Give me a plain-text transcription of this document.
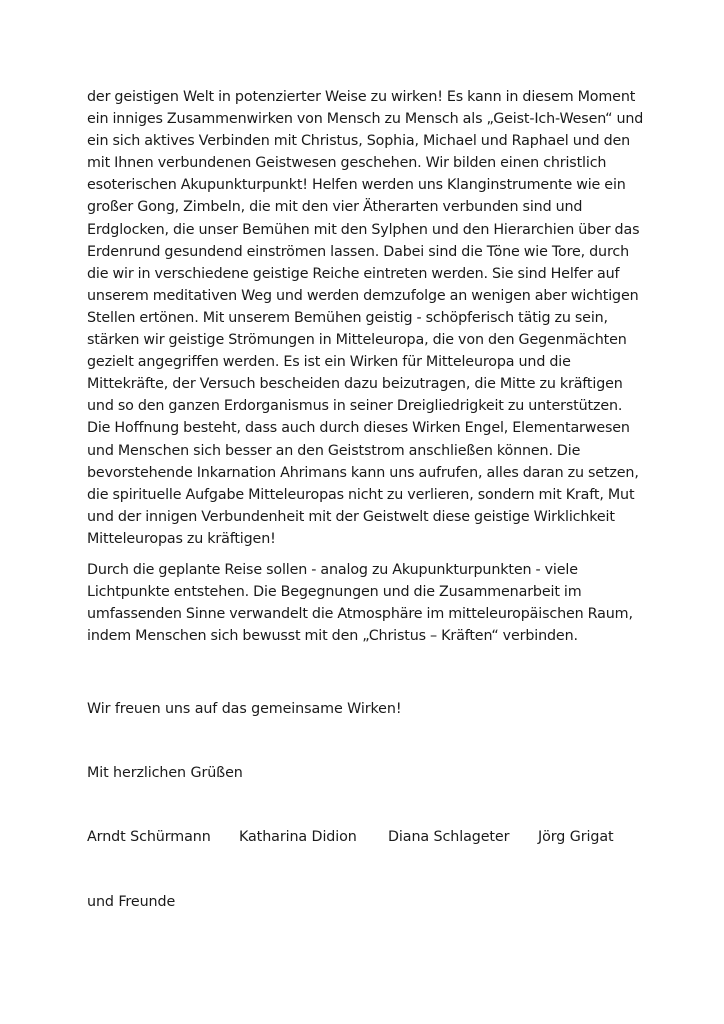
der geistigen Welt in potenzierter Weise zu wirken! Es kann in diesem Moment ein inniges Zusammenwirken von Mensch zu Mensch als „Geist-Ich-Wesen“ und ein sich aktives Verbinden mit Christus, Sophia, Michael und Raphael und den mit Ihnen verbundenen Geistwesen geschehen. Wir bilden einen christlich esoterischen Akupunkturpunkt! Helfen werden uns Klanginstrumente wie ein großer Gong, Zimbeln, die mit den vier Ätherarten verbunden sind und Erdglocken, die unser Bemühen mit den Sylphen und den Hierarchien über das Erdenrund gesundend einströmen lassen. Dabei sind die Töne wie Tore, durch die wir in verschiedene geistige Reiche eintreten werden. Sie sind Helfer auf unserem meditativen Weg und werden demzufolge an wenigen aber wichtigen Stellen ertönen. Mit unserem Bemühen geistig - schöpferisch tätig zu sein, stärken wir geistige Strömungen in Mitteleuropa, die von den Gegenmächten gezielt angegriffen werden. Es ist ein Wirken für Mitteleuropa und die Mittekräfte, der Versuch bescheiden dazu beizutragen, die Mitte zu kräftigen und so den ganzen Erdorganismus in seiner Dreigliedrigkeit zu unterstützen. Die Hoffnung besteht, dass auch durch dieses Wirken Engel, Elementarwesen und Menschen sich besser an den Geiststrom anschließen können. Die bevorstehende Inkarnation Ahrimans kann uns aufrufen, alles daran zu setzen, die spirituelle Aufgabe Mitteleuropas nicht zu verlieren, sondern mit Kraft, Mut und der innigen Verbundenheit mit der Geistwelt diese geistige Wirklichkeit Mitteleuropas zu kräftigen!

Durch die geplante Reise sollen - analog zu Akupunkturpunkten - viele Lichtpunkte entstehen. Die Begegnungen und die Zusammenarbeit im umfassenden Sinne verwandelt die Atmosphäre im mitteleuropäischen Raum, indem Menschen sich bewusst mit den „Christus – Kräften“ verbinden.

Wir freuen uns auf das gemeinsame Wirken!

Mit herzlichen Grüßen

Arndt Schürmann Katharina Didion Diana Schlageter Jörg Grigat

und Freunde
